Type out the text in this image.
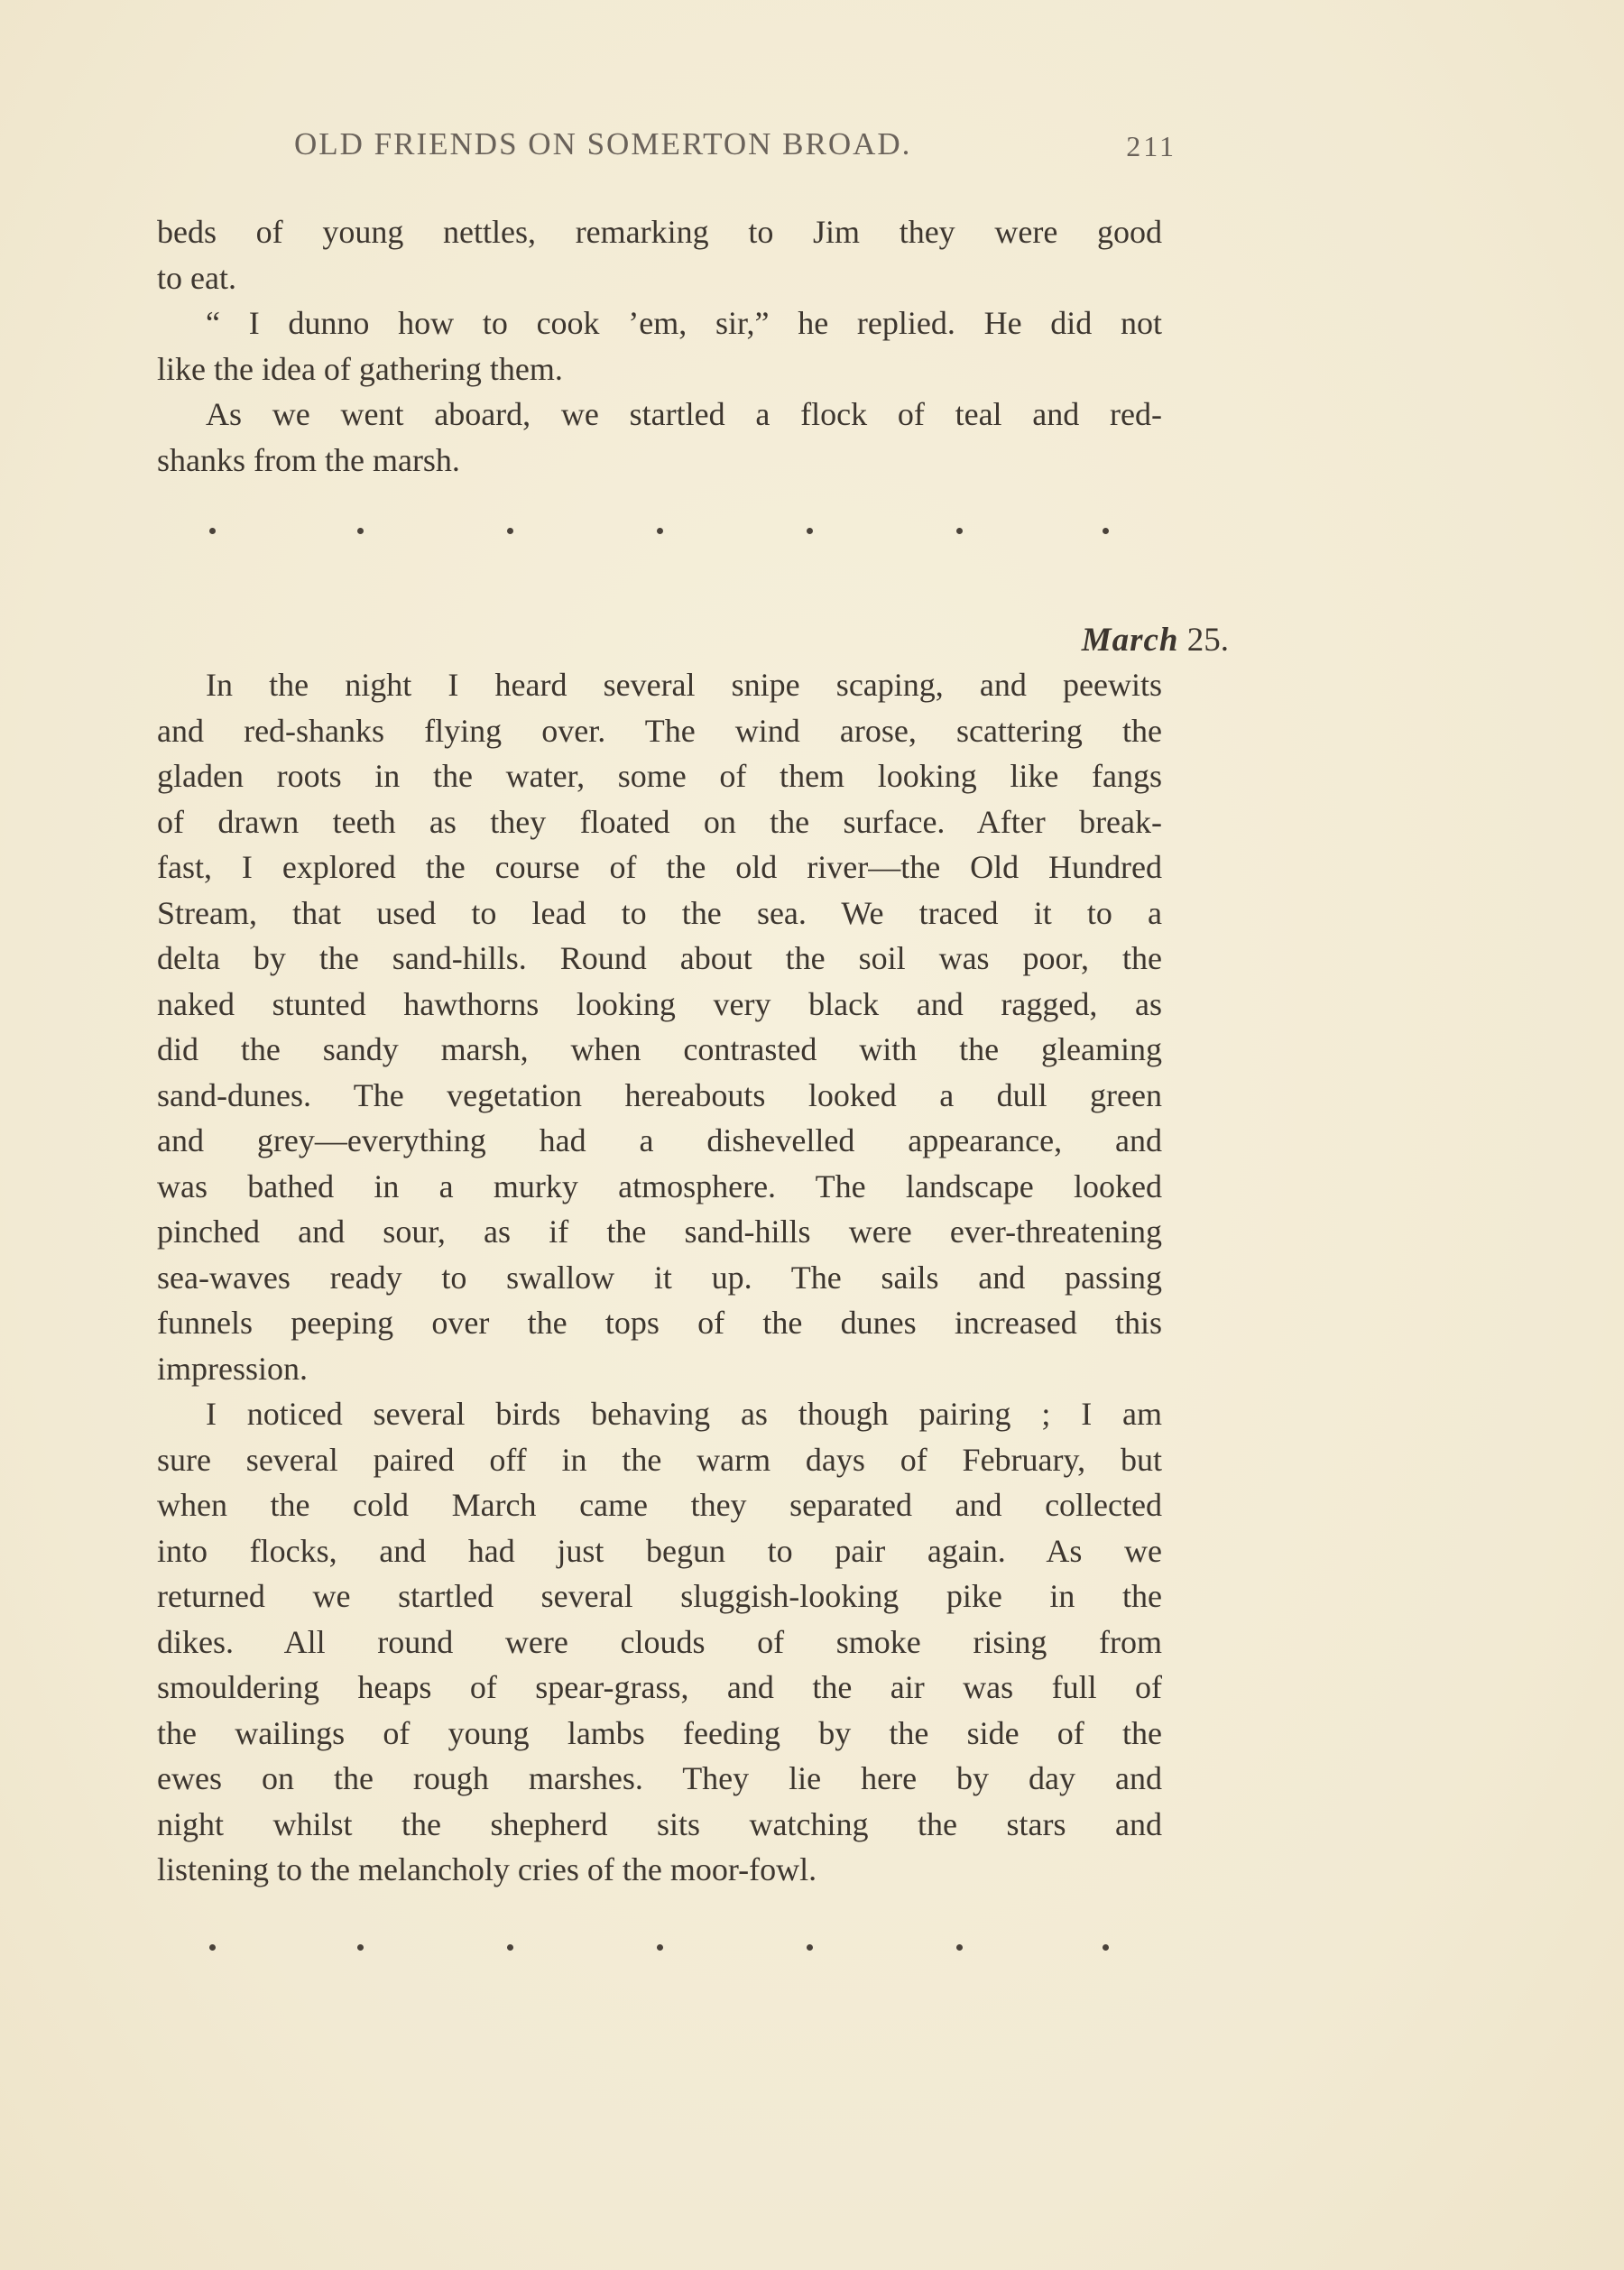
OLD FRIENDS ON SOMERTON BROAD.	211
beds of young nettles, remarking to Jim they were good
to eat.
“ I dunno how to cook ’em, sir,” he replied. He did not
like the idea of gathering them.
As we went aboard, we startled a flock of teal and red-
shanks from the marsh.
March 25.
In the night I heard several snipe scaping, and peewits
and red-shanks flying over. The wind arose, scattering the
gladen roots in the water, some of them looking like fangs
of drawn teeth as they floated on the surface. After break-
fast, I explored the course of the old river—the Old Hundred
Stream, that used to lead to the sea. We traced it to a
delta by the sand-hills. Round about the soil was poor, the
naked stunted hawthorns looking very black and ragged, as
did the sandy marsh, when contrasted with the gleaming
sand-dunes. The vegetation hereabouts looked a dull green
and grey—everything had a dishevelled appearance, and
was bathed in a murky atmosphere. The landscape looked
pinched and sour, as if the sand-hills were ever-threatening
sea-waves ready to swallow it up. The sails and passing
funnels peeping over the tops of the dunes increased this
impression.
I noticed several birds behaving as though pairing ; I am
sure several paired off in the warm days of February, but
when the cold March came they separated and collected
into flocks, and had just begun to pair again. As we
returned we startled several sluggish-looking pike in the
dikes. All round were clouds of smoke rising from
smouldering heaps of spear-grass, and the air was full of
the wailings of young lambs feeding by the side of the
ewes on the rough marshes. They lie here by day and
night whilst the shepherd sits watching the stars and
listening to the melancholy cries of the moor-fowl.
